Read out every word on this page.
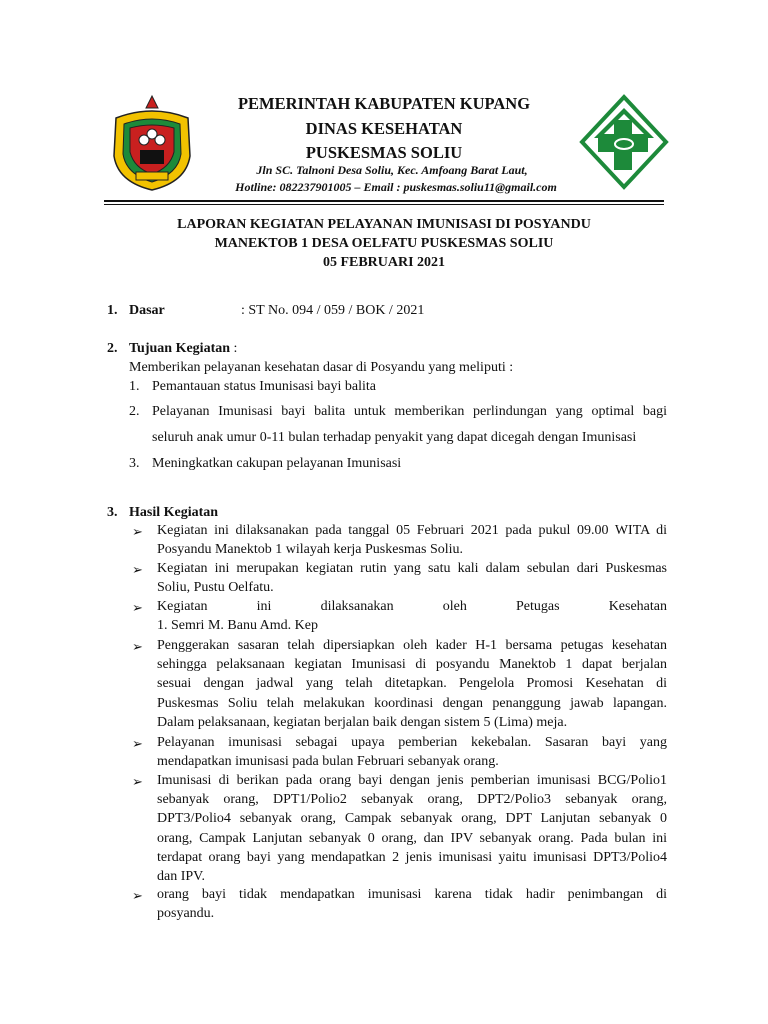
PEMERINTAH KABUPATEN KUPANG
DINAS KESEHATAN
PUSKESMAS SOLIU
Jln SC. Talnoni Desa Soliu, Kec. Amfoang Barat Laut,
Hotline: 082237901005 – Email : puskesmas.soliu11@gmail.com
LAPORAN KEGIATAN PELAYANAN IMUNISASI DI POSYANDU
MANEKTOB 1 DESA OELFATU PUSKESMAS SOLIU
05 FEBRUARI 2021
1. Dasar	: ST No. 094 / 059 / BOK / 2021
2. Tujuan Kegiatan :
Memberikan pelayanan kesehatan dasar di Posyandu yang meliputi :
1. Pemantauan status Imunisasi bayi balita
2. Pelayanan Imunisasi bayi balita untuk memberikan perlindungan yang optimal bagi
seluruh anak umur 0-11 bulan terhadap penyakit yang dapat dicegah dengan Imunisasi
3. Meningkatkan cakupan pelayanan Imunisasi
3. Hasil Kegiatan
➢ Kegiatan ini dilaksanakan pada tanggal 05 Februari 2021 pada pukul 09.00 WITA di
Posyandu Manektob 1 wilayah kerja Puskesmas Soliu.
➢ Kegiatan ini merupakan kegiatan rutin yang satu kali dalam sebulan dari Puskesmas
Soliu, Pustu Oelfatu.
➢ Kegiatan ini dilaksanakan oleh Petugas Kesehatan
1. Semri M. Banu Amd. Kep
➢ Penggerakan sasaran telah dipersiapkan oleh kader H-1 bersama petugas kesehatan
sehingga pelaksanaan kegiatan Imunisasi di posyandu Manektob 1 dapat berjalan
sesuai dengan jadwal yang telah ditetapkan. Pengelola Promosi Kesehatan di
Puskesmas Soliu telah melakukan koordinasi dengan penanggung jawab lapangan.
Dalam pelaksanaan, kegiatan berjalan baik dengan sistem 5 (Lima) meja.
➢ Pelayanan imunisasi sebagai upaya pemberian kekebalan. Sasaran bayi yang
mendapatkan imunisasi pada bulan Februari sebanyak orang.
➢ Imunisasi di berikan pada orang bayi dengan jenis pemberian imunisasi BCG/Polio1
sebanyak orang, DPT1/Polio2 sebanyak orang, DPT2/Polio3 sebanyak orang,
DPT3/Polio4 sebanyak orang, Campak sebanyak orang, DPT Lanjutan sebanyak 0
orang, Campak Lanjutan sebanyak 0 orang, dan IPV sebanyak orang. Pada bulan ini
terdapat orang bayi yang mendapatkan 2 jenis imunisasi yaitu imunisasi DPT3/Polio4
dan IPV.
➢ orang bayi tidak mendapatkan imunisasi karena tidak hadir penimbangan di
posyandu.
